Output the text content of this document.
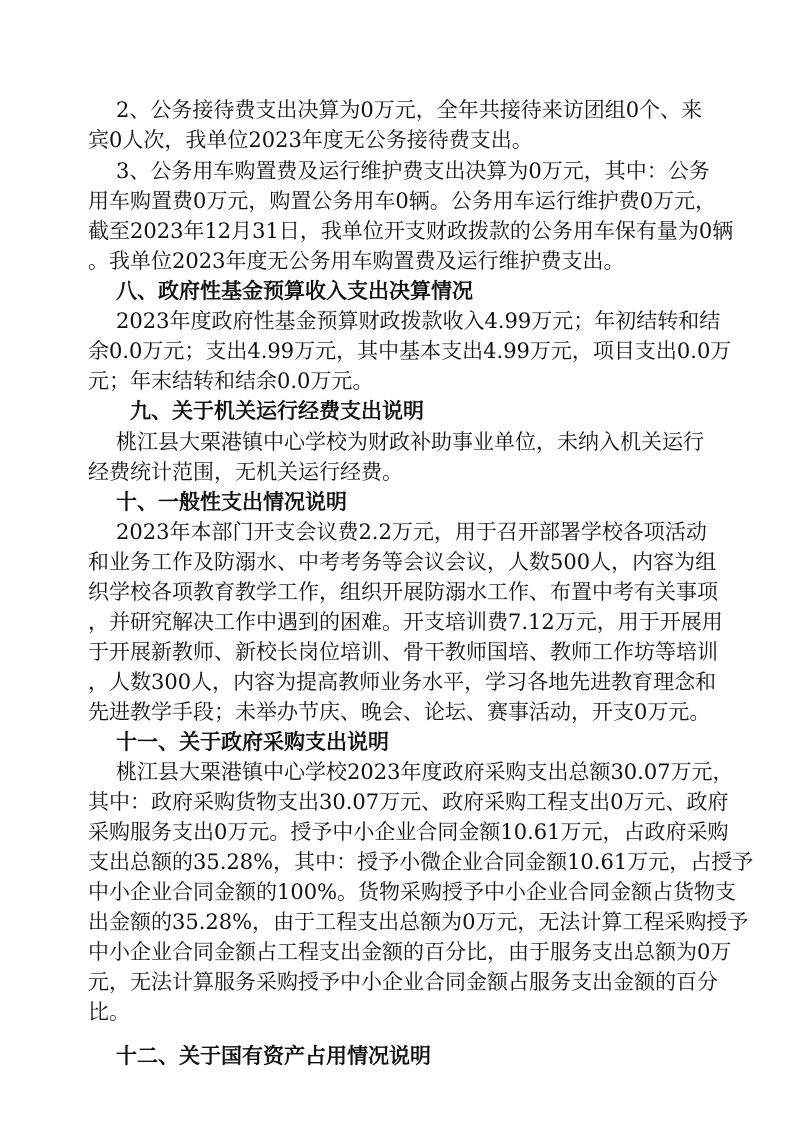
2、公务接待费支出决算为0万元，全年共接待来访团组0个、来
宾0人次，我单位2023年度无公务接待费支出。
3、公务用车购置费及运行维护费支出决算为0万元，其中：公务
用车购置费0万元，购置公务用车0辆。公务用车运行维护费0万元，
截至2023年12月31日，我单位开支财政拨款的公务用车保有量为0辆
。我单位2023年度无公务用车购置费及运行维护费支出。
八、政府性基金预算收入支出决算情况
2023年度政府性基金预算财政拨款收入4.99万元；年初结转和结
余0.0万元；支出4.99万元，其中基本支出4.99万元，项目支出0.0万
元；年末结转和结余0.0万元。
九、关于机关运行经费支出说明
桃江县大栗港镇中心学校为财政补助事业单位，未纳入机关运行
经费统计范围，无机关运行经费。
十、一般性支出情况说明
2023年本部门开支会议费2.2万元，用于召开部署学校各项活动
和业务工作及防溺水、中考考务等会议会议，人数500人，内容为组
织学校各项教育教学工作，组织开展防溺水工作、布置中考有关事项
，并研究解决工作中遇到的困难。开支培训费7.12万元，用于开展用
于开展新教师、新校长岗位培训、骨干教师国培、教师工作坊等培训
，人数300人，内容为提高教师业务水平，学习各地先进教育理念和
先进教学手段；未举办节庆、晚会、论坛、赛事活动，开支0万元。
十一、关于政府采购支出说明
桃江县大栗港镇中心学校2023年度政府采购支出总额30.07万元，
其中：政府采购货物支出30.07万元、政府采购工程支出0万元、政府
采购服务支出0万元。授予中小企业合同金额10.61万元，占政府采购
支出总额的35.28%，其中：授予小微企业合同金额10.61万元，占授予
中小企业合同金额的100%。货物采购授予中小企业合同金额占货物支
出金额的35.28%，由于工程支出总额为0万元，无法计算工程采购授予
中小企业合同金额占工程支出金额的百分比，由于服务支出总额为0万
元，无法计算服务采购授予中小企业合同金额占服务支出金额的百分
比。
十二、关于国有资产占用情况说明
